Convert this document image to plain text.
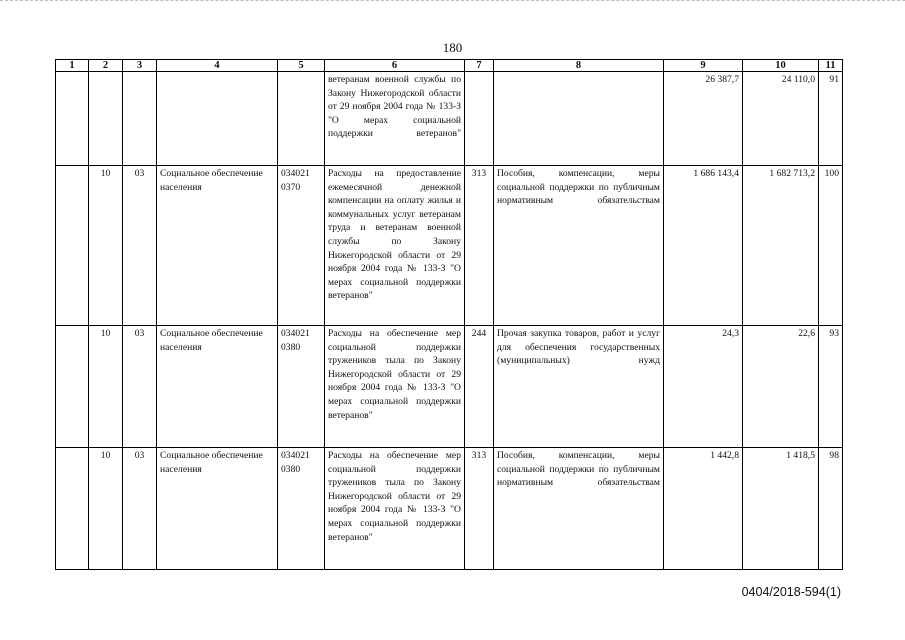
180
1	2	3	4	5	6	7	8	9	10	11
					ветеранам военной службы по Закону Нижегородской области от 29 ноября 2004 года № 133-З "О мерах социальной поддержки ветеранов"			26 387,7	24 110,0	91
	10	03	Социальное обеспечение населения	034021 0370	Расходы на предоставление ежемесячной денежной компенсации на оплату жилья и коммунальных услуг ветеранам труда и ветеранам военной службы по Закону Нижегородской области от 29 ноября 2004 года № 133-З "О мерах социальной поддержки ветеранов"	313	Пособия, компенсации, меры социальной поддержки по публичным нормативным обязательствам	1 686 143,4	1 682 713,2	100
	10	03	Социальное обеспечение населения	034021 0380	Расходы на обеспечение мер социальной поддержки тружеников тыла по Закону Нижегородской области от 29 ноября 2004 года № 133-З "О мерах социальной поддержки ветеранов"	244	Прочая закупка товаров, работ и услуг для обеспечения государственных (муниципальных) нужд	24,3	22,6	93
	10	03	Социальное обеспечение населения	034021 0380	Расходы на обеспечение мер социальной поддержки тружеников тыла по Закону Нижегородской области от 29 ноября 2004 года № 133-З "О мерах социальной поддержки ветеранов"	313	Пособия, компенсации, меры социальной поддержки по публичным нормативным обязательствам	1 442,8	1 418,5	98
0404/2018-594(1)
